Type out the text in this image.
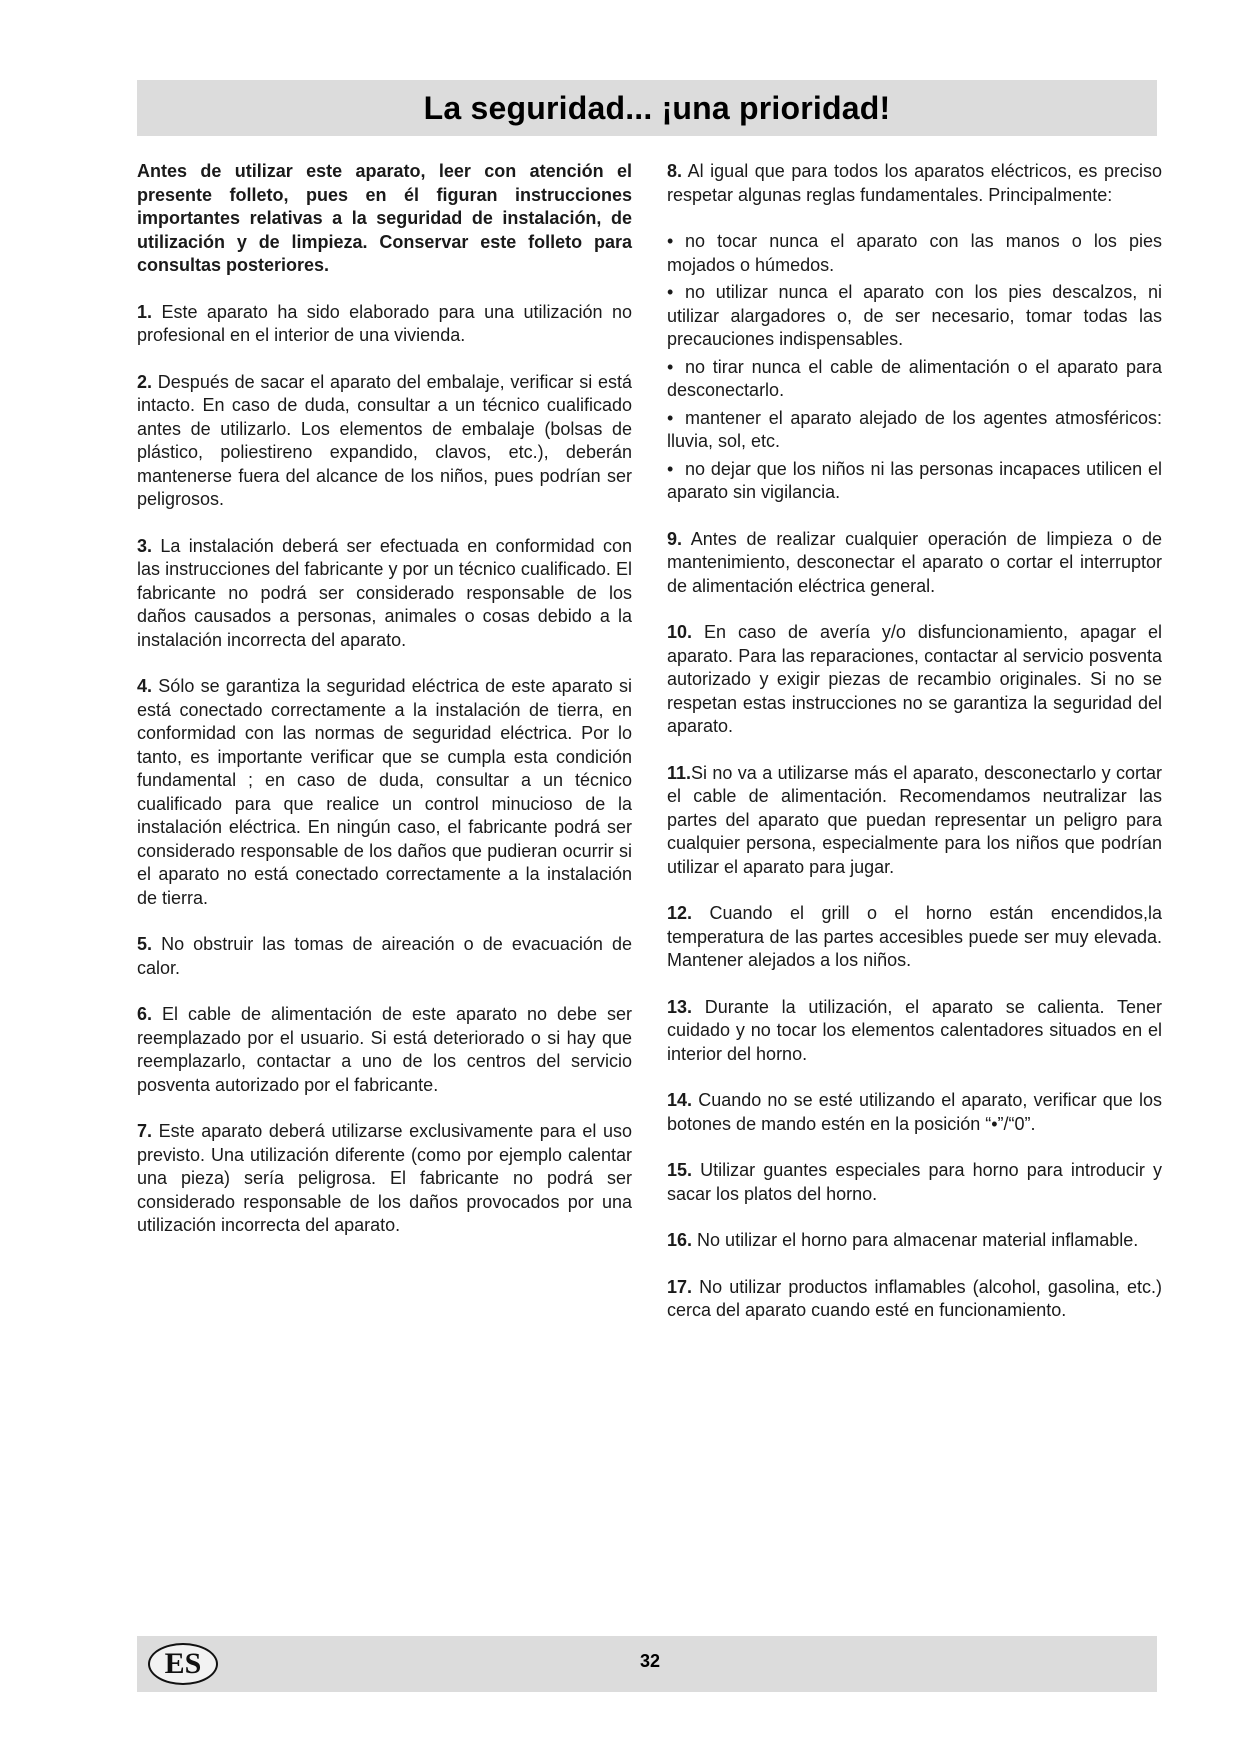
La seguridad... ¡una prioridad!

Antes de utilizar este aparato, leer con atención el presente folleto, pues en él figuran instrucciones importantes relativas a la seguridad de instalación, de utilización y de limpieza. Conservar este folleto para consultas posteriores.

1. Este aparato ha sido elaborado para una utilización no profesional en el interior de una vivienda.

2. Después de sacar el aparato del embalaje, verificar si está intacto. En caso de duda, consultar a un técnico cualificado antes de utilizarlo. Los elementos de embalaje (bolsas de plástico, poliestireno expandido, clavos, etc.), deberán mantenerse fuera del alcance de los niños, pues podrían ser peligrosos.

3. La instalación deberá ser efectuada en conformidad con las instrucciones del fabricante y por un técnico cualificado. El fabricante no podrá ser considerado responsable de los daños causados a personas, animales o cosas debido a la instalación incorrecta del aparato.

4. Sólo se garantiza la seguridad eléctrica de este aparato si está conectado correctamente a la instalación de tierra, en conformidad con las normas de seguridad eléctrica. Por lo tanto, es importante verificar que se cumpla esta condición fundamental ; en caso de duda, consultar a un técnico cualificado para que realice un control minucioso de la instalación eléctrica. En ningún caso, el fabricante podrá ser considerado responsable de los daños que pudieran ocurrir si el aparato no está conectado correctamente a la instalación de tierra.

5. No obstruir las tomas de aireación o de evacuación de calor.

6. El cable de alimentación de este aparato no debe ser reemplazado por el usuario. Si está deteriorado o si hay que reemplazarlo, contactar a uno de los centros del servicio posventa autorizado por el fabricante.

7. Este aparato deberá utilizarse exclusivamente para el uso previsto. Una utilización diferente (como por ejemplo calentar una pieza) sería peligrosa. El fabricante no podrá ser considerado responsable de los daños provocados por una utilización incorrecta del aparato.

8. Al igual que para todos los aparatos eléctricos, es preciso respetar algunas reglas fundamentales. Principalmente:

• no tocar nunca el aparato con las manos o los pies mojados o húmedos.
• no utilizar nunca el aparato con los pies descalzos, ni utilizar alargadores o, de ser necesario, tomar todas las precauciones indispensables.
• no tirar nunca el cable de alimentación o el aparato para desconectarlo.
• mantener el aparato alejado de los agentes atmosféricos: lluvia, sol, etc.
• no dejar que los niños ni las personas incapaces utilicen el aparato sin vigilancia.

9. Antes de realizar cualquier operación de limpieza o de mantenimiento, desconectar el aparato o cortar el interruptor de alimentación eléctrica general.

10. En caso de avería y/o disfuncionamiento, apagar el aparato. Para las reparaciones, contactar al servicio posventa autorizado y exigir piezas de recambio originales. Si no se respetan estas instrucciones no se garantiza la seguridad del aparato.

11.Si no va a utilizarse más el aparato, desconectarlo y cortar el cable de alimentación. Recomendamos neutralizar las partes del aparato que puedan representar un peligro para cualquier persona, especialmente para los niños que podrían utilizar el aparato para jugar.

12. Cuando el grill o el horno están encendidos,la temperatura de las partes accesibles puede ser muy elevada. Mantener alejados a los niños.

13. Durante la utilización, el aparato se calienta. Tener cuidado y no tocar los elementos calentadores situados en el interior del horno.

14. Cuando no se esté utilizando el aparato, verificar que los botones de mando estén en la posición “•”/“0”.

15. Utilizar guantes especiales para horno para introducir y sacar los platos del horno.

16. No utilizar el horno para almacenar material inflamable.

17. No utilizar productos inflamables (alcohol, gasolina, etc.) cerca del aparato cuando esté en funcionamiento.

ES	32
